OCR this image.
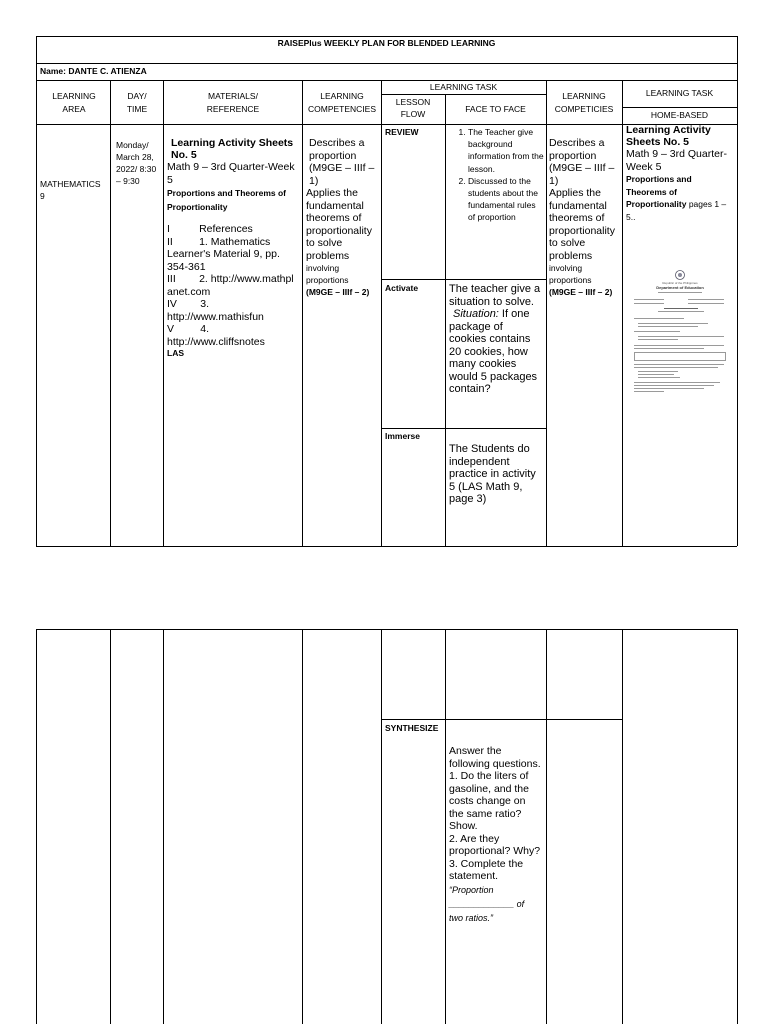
RAISEPlus WEEKLY PLAN FOR BLENDED LEARNING
Name: DANTE C. ATIENZA
LEARNING AREA
DAY/ TIME
MATERIALS/ REFERENCE
LEARNING COMPETENCIES
LEARNING TASK
LESSON FLOW	FACE TO FACE
LEARNING COMPETICIES
LEARNING TASK
HOME-BASED
MATHEMATICS 9
Monday/ March 28, 2022/ 8:30 – 9:30
Learning Activity Sheets No. 5
Math 9 – 3rd Quarter-Week 5
Proportions and Theorems of Proportionality
I          References
II         1. Mathematics Learner's Material 9, pp. 354-361
III        2. http://www.mathplanet.com
IV        3. http://www.mathisfun
V         4. http://www.cliffsnotes
LAS
Describes a proportion (M9GE – IIIf – 1)
Applies the fundamental theorems of proportionality to solve problems
involving proportions
(M9GE – IIIf – 2)
REVIEW
Activate
Immerse
1. The Teacher give background information from the lesson.
2. Discussed to the students about the fundamental rules of proportion
The teacher give a situation to solve.
Situation: If one package of cookies contains 20 cookies, how many cookies would 5 packages contain?
The Students do independent practice in activity 5 (LAS Math 9, page 3)
Describes a proportion (M9GE – IIIf – 1)
Applies the fundamental theorems of proportionality to solve problems
involving proportions
(M9GE – IIIf – 2)
Learning Activity Sheets No. 5
Math 9 – 3rd Quarter-Week 5
Proportions and Theorems of Proportionality pages 1 – 5..
Republic of the Philippines
Department of Education
SYNTHESIZE
Answer the following questions.
1. Do the liters of gasoline, and the costs change on the same ratio? Show.
2. Are they proportional? Why?
3. Complete the statement.
“Proportion
_____________ of
two ratios.”
